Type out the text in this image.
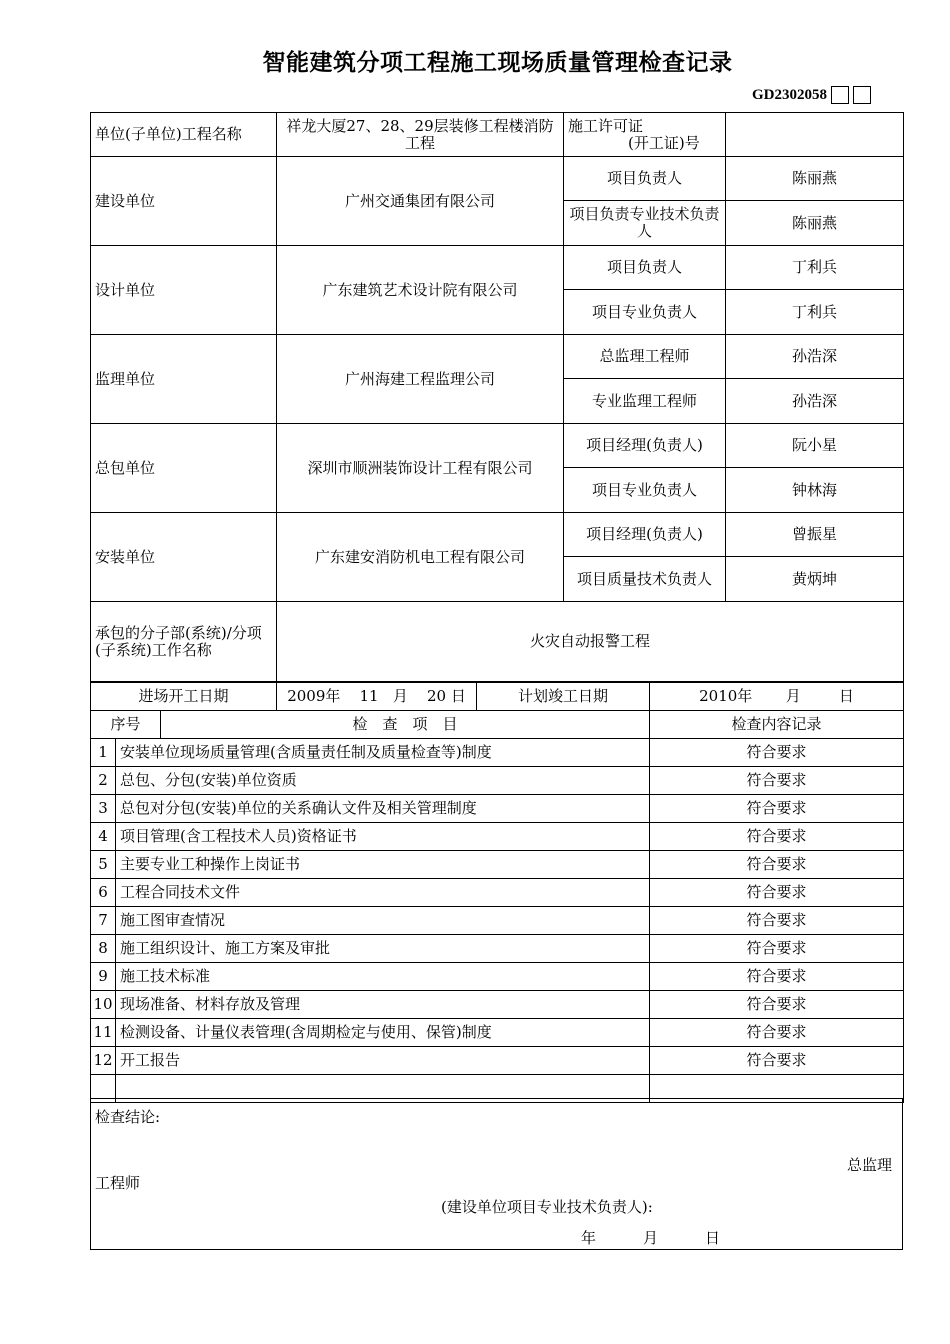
智能建筑分项工程施工现场质量管理检查记录
GD2302058
单位(子单位)工程名称	祥龙大厦27、28、29层装修工程楼消防工程	施工许可证
(开工证)号	

建设单位	广州交通集团有限公司	项目负责人	陈丽燕
		项目负责专业技术负责人	陈丽燕
设计单位	广东建筑艺术设计院有限公司	项目负责人	丁利兵
		项目专业负责人	丁利兵
监理单位	广州海建工程监理公司	总监理工程师	孙浩深
		专业监理工程师	孙浩深
总包单位	深圳市顺洲装饰设计工程有限公司	项目经理(负责人)	阮小星
		项目专业负责人	钟林海
安装单位	广东建安消防机电工程有限公司	项目经理(负责人)	曾振星
		项目质量技术负责人	黄炳坤
承包的分子部(系统)/分项(子系统)工作名称	火灾自动报警工程		
进场开工日期			2009年 11 月 20 日	计划竣工日期	2010年 月 日
序号		检　查　项　目			检查内容记录
1	安装单位现场质量管理(含质量责任制及质量检查等)制度				符合要求
2	总包、分包(安装)单位资质				符合要求
3	总包对分包(安装)单位的关系确认文件及相关管理制度				符合要求
4	项目管理(含工程技术人员)资格证书				符合要求
5	主要专业工种操作上岗证书				符合要求
6	工程合同技术文件				符合要求
7	施工图审查情况				符合要求
8	施工组织设计、施工方案及审批				符合要求
9	施工技术标准				符合要求
10	现场准备、材料存放及管理				符合要求
11	检测设备、计量仪表管理(含周期检定与使用、保管)制度				符合要求
12	开工报告				符合要求

检查结论:
总监理
工程师
(建设单位项目专业技术负责人):
年	月	日
